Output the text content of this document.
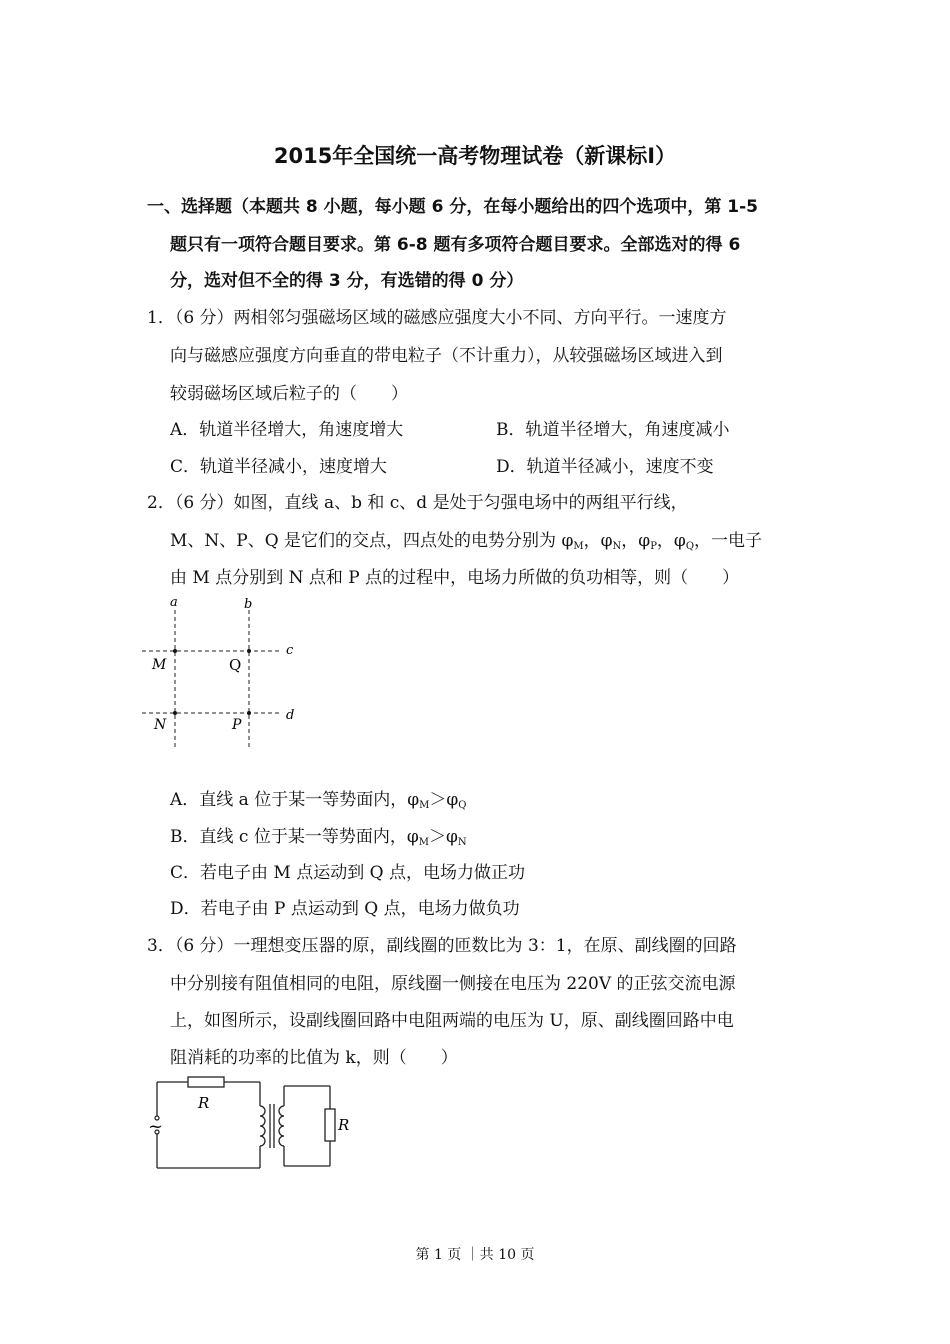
2015年全国统一高考物理试卷（新课标Ⅰ）
一、选择题（本题共 8 小题，每小题 6 分，在每小题给出的四个选项中，第 1-5
题只有一项符合题目要求。第 6-8 题有多项符合题目要求。全部选对的得 6
分，选对但不全的得 3 分，有选错的得 0 分）
1．（6 分）两相邻匀强磁场区域的磁感应强度大小不同、方向平行。一速度方
向与磁感应强度方向垂直的带电粒子（不计重力），从较强磁场区域进入到
较弱磁场区域后粒子的（　　）
A．轨道半径增大，角速度增大	B．轨道半径增大，角速度减小
C．轨道半径减小，速度增大	D．轨道半径减小，速度不变
2．（6 分）如图，直线 a、b 和 c、d 是处于匀强电场中的两组平行线，
M、N、P、Q 是它们的交点，四点处的电势分别为 $\varphi_M$，$\varphi_N$，$\varphi_P$，$\varphi_Q$，一电子
由 M 点分别到 N 点和 P 点的过程中，电场力所做的负功相等，则（　　）
a	b
c
d
M	Q
N	P
A．直线 a 位于某一等势面内，$\varphi_M>\varphi_Q$
B．直线 c 位于某一等势面内，$\varphi_M>\varphi_N$
C．若电子由 M 点运动到 Q 点，电场力做正功
D．若电子由 P 点运动到 Q 点，电场力做负功
3．（6 分）一理想变压器的原，副线圈的匝数比为 3：1，在原、副线圈的回路
中分别接有阻值相同的电阻，原线圈一侧接在电压为 220V 的正弦交流电源
上，如图所示，设副线圈回路中电阻两端的电压为 U，原、副线圈回路中电
阻消耗的功率的比值为 k，则（　　）
~
R
R
第 1 页 ｜共 10 页
